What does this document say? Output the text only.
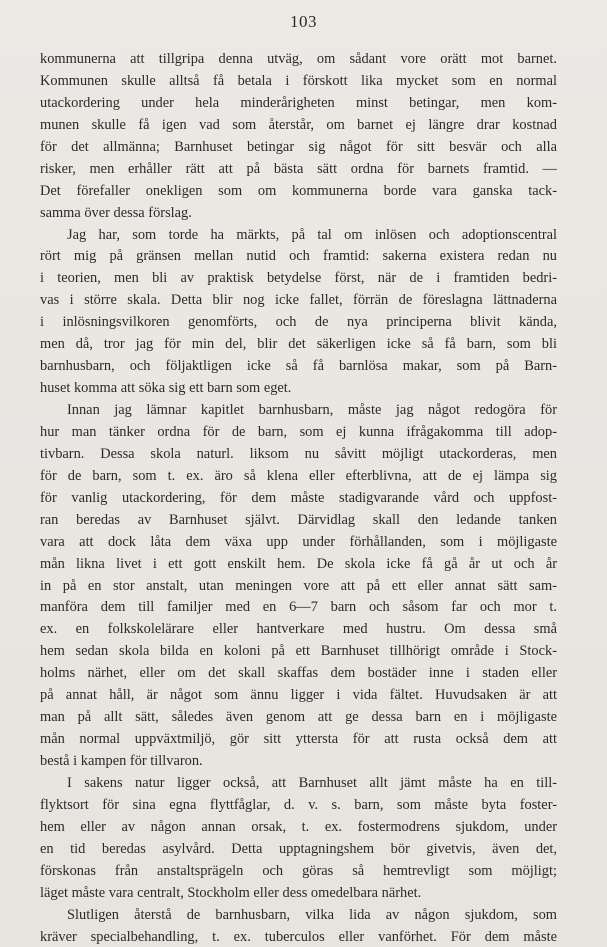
103
kommunerna att tillgripa denna utväg, om sådant vore orätt mot barnet.
Kommunen skulle alltså få betala i förskott lika mycket som en normal
utackordering under hela minderårigheten minst betingar, men kom-
munen skulle få igen vad som återstår, om barnet ej längre drar kostnad
för det allmänna; Barnhuset betingar sig något för sitt besvär och alla
risker, men erhåller rätt att på bästa sätt ordna för barnets framtid. —
Det förefaller onekligen som om kommunerna borde vara ganska tack-
samma över dessa förslag.
Jag har, som torde ha märkts, på tal om inlösen och adoptionscentral
rört mig på gränsen mellan nutid och framtid: sakerna existera redan nu
i teorien, men bli av praktisk betydelse först, när de i framtiden bedri-
vas i större skala. Detta blir nog icke fallet, förrän de föreslagna lättnaderna
i inlösningsvilkoren genomförts, och de nya principerna blivit kända,
men då, tror jag för min del, blir det säkerligen icke så få barn, som bli
barnhusbarn, och följaktligen icke så få barnlösa makar, som på Barn-
huset komma att söka sig ett barn som eget.
Innan jag lämnar kapitlet barnhusbarn, måste jag något redogöra för
hur man tänker ordna för de barn, som ej kunna ifrågakomma till adop-
tivbarn. Dessa skola naturl. liksom nu såvitt möjligt utackorderas, men
för de barn, som t. ex. äro så klena eller efterblivna, att de ej lämpa sig
för vanlig utackordering, för dem måste stadigvarande vård och uppfost-
ran beredas av Barnhuset självt. Därvidlag skall den ledande tanken
vara att dock låta dem växa upp under förhållanden, som i möjligaste
mån likna livet i ett gott enskilt hem. De skola icke få gå år ut och år
in på en stor anstalt, utan meningen vore att på ett eller annat sätt sam-
manföra dem till familjer med en 6—7 barn och såsom far och mor t.
ex. en folkskolelärare eller hantverkare med hustru. Om dessa små
hem sedan skola bilda en koloni på ett Barnhuset tillhörigt område i Stock-
holms närhet, eller om det skall skaffas dem bostäder inne i staden eller
på annat håll, är något som ännu ligger i vida fältet. Huvudsaken är att
man på allt sätt, således även genom att ge dessa barn en i möjligaste
mån normal uppväxtmiljö, gör sitt yttersta för att rusta också dem att
bestå i kampen för tillvaron.
I sakens natur ligger också, att Barnhuset allt jämt måste ha en till-
flyktsort för sina egna flyttfåglar, d. v. s. barn, som måste byta foster-
hem eller av någon annan orsak, t. ex. fostermodrens sjukdom, under
en tid beredas asylvård. Detta upptagningshem bör givetvis, även det,
förskonas från anstaltsprägeln och göras så hemtrevligt som möjligt;
läget måste vara centralt, Stockholm eller dess omedelbara närhet.
Slutligen återstå de barnhusbarn, vilka lida av någon sjukdom, som
kräver specialbehandling, t. ex. tuberculos eller vanförhet. För dem måste
